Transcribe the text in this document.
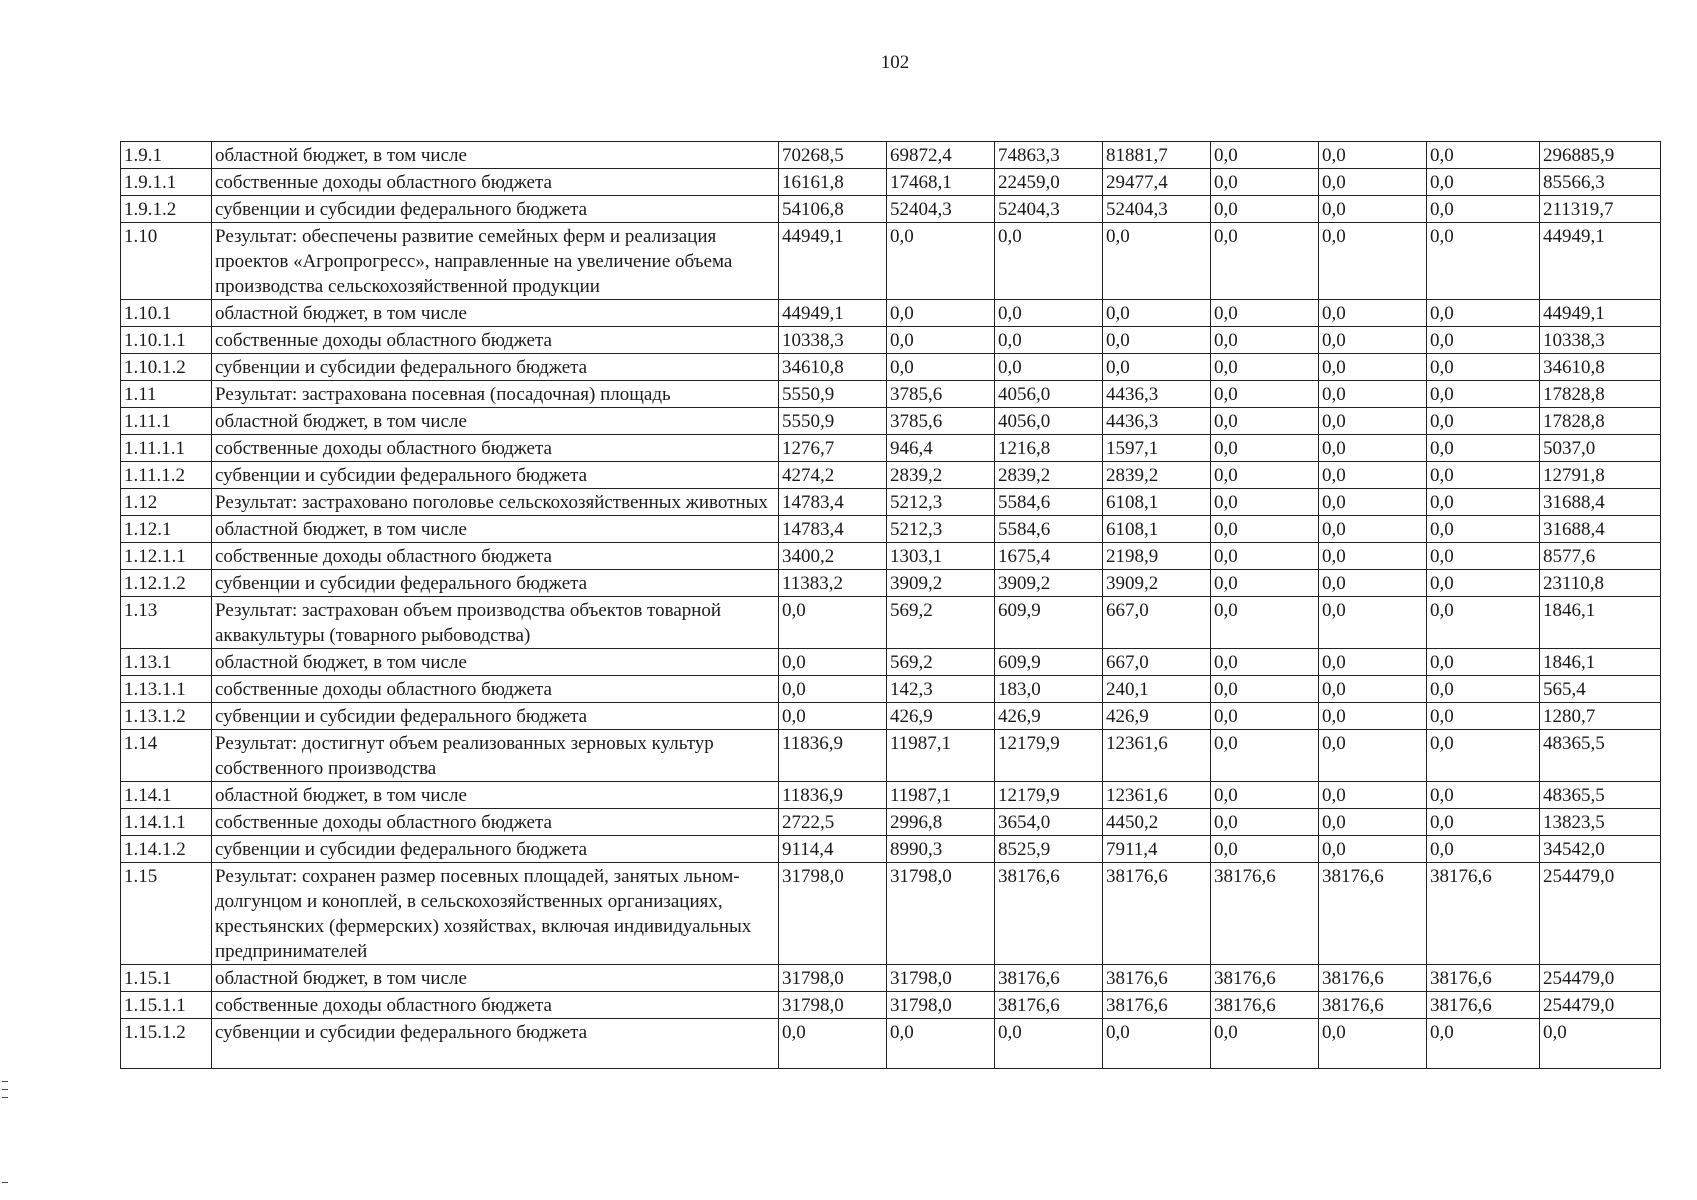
102
1.9.1	областной бюджет, в том числе	70268,5	69872,4	74863,3	81881,7	0,0	0,0	0,0	296885,9
1.9.1.1	собственные доходы областного бюджета	16161,8	17468,1	22459,0	29477,4	0,0	0,0	0,0	85566,3
1.9.1.2	субвенции и субсидии федерального бюджета	54106,8	52404,3	52404,3	52404,3	0,0	0,0	0,0	211319,7
1.10	Результат: обеспечены развитие семейных ферм и реализация проектов «Агропрогресс», направленные на увеличение объема производства сельскохозяйственной продукции	44949,1	0,0	0,0	0,0	0,0	0,0	0,0	44949,1
1.10.1	областной бюджет, в том числе	44949,1	0,0	0,0	0,0	0,0	0,0	0,0	44949,1
1.10.1.1	собственные доходы областного бюджета	10338,3	0,0	0,0	0,0	0,0	0,0	0,0	10338,3
1.10.1.2	субвенции и субсидии федерального бюджета	34610,8	0,0	0,0	0,0	0,0	0,0	0,0	34610,8
1.11	Результат: застрахована посевная (посадочная) площадь	5550,9	3785,6	4056,0	4436,3	0,0	0,0	0,0	17828,8
1.11.1	областной бюджет, в том числе	5550,9	3785,6	4056,0	4436,3	0,0	0,0	0,0	17828,8
1.11.1.1	собственные доходы областного бюджета	1276,7	946,4	1216,8	1597,1	0,0	0,0	0,0	5037,0
1.11.1.2	субвенции и субсидии федерального бюджета	4274,2	2839,2	2839,2	2839,2	0,0	0,0	0,0	12791,8
1.12	Результат: застраховано поголовье сельскохозяйственных животных	14783,4	5212,3	5584,6	6108,1	0,0	0,0	0,0	31688,4
1.12.1	областной бюджет, в том числе	14783,4	5212,3	5584,6	6108,1	0,0	0,0	0,0	31688,4
1.12.1.1	собственные доходы областного бюджета	3400,2	1303,1	1675,4	2198,9	0,0	0,0	0,0	8577,6
1.12.1.2	субвенции и субсидии федерального бюджета	11383,2	3909,2	3909,2	3909,2	0,0	0,0	0,0	23110,8
1.13	Результат: застрахован объем производства объектов товарной аквакультуры (товарного рыбоводства)	0,0	569,2	609,9	667,0	0,0	0,0	0,0	1846,1
1.13.1	областной бюджет, в том числе	0,0	569,2	609,9	667,0	0,0	0,0	0,0	1846,1
1.13.1.1	собственные доходы областного бюджета	0,0	142,3	183,0	240,1	0,0	0,0	0,0	565,4
1.13.1.2	субвенции и субсидии федерального бюджета	0,0	426,9	426,9	426,9	0,0	0,0	0,0	1280,7
1.14	Результат: достигнут объем реализованных зерновых культур собственного производства	11836,9	11987,1	12179,9	12361,6	0,0	0,0	0,0	48365,5
1.14.1	областной бюджет, в том числе	11836,9	11987,1	12179,9	12361,6	0,0	0,0	0,0	48365,5
1.14.1.1	собственные доходы областного бюджета	2722,5	2996,8	3654,0	4450,2	0,0	0,0	0,0	13823,5
1.14.1.2	субвенции и субсидии федерального бюджета	9114,4	8990,3	8525,9	7911,4	0,0	0,0	0,0	34542,0
1.15	Результат: сохранен размер посевных площадей, занятых льном-долгунцом и коноплей, в сельскохозяйственных организациях, крестьянских (фермерских) хозяйствах, включая индивидуальных предпринимателей	31798,0	31798,0	38176,6	38176,6	38176,6	38176,6	38176,6	254479,0
1.15.1	областной бюджет, в том числе	31798,0	31798,0	38176,6	38176,6	38176,6	38176,6	38176,6	254479,0
1.15.1.1	собственные доходы областного бюджета	31798,0	31798,0	38176,6	38176,6	38176,6	38176,6	38176,6	254479,0
1.15.1.2	субвенции и субсидии федерального бюджета	0,0	0,0	0,0	0,0	0,0	0,0	0,0	0,0
